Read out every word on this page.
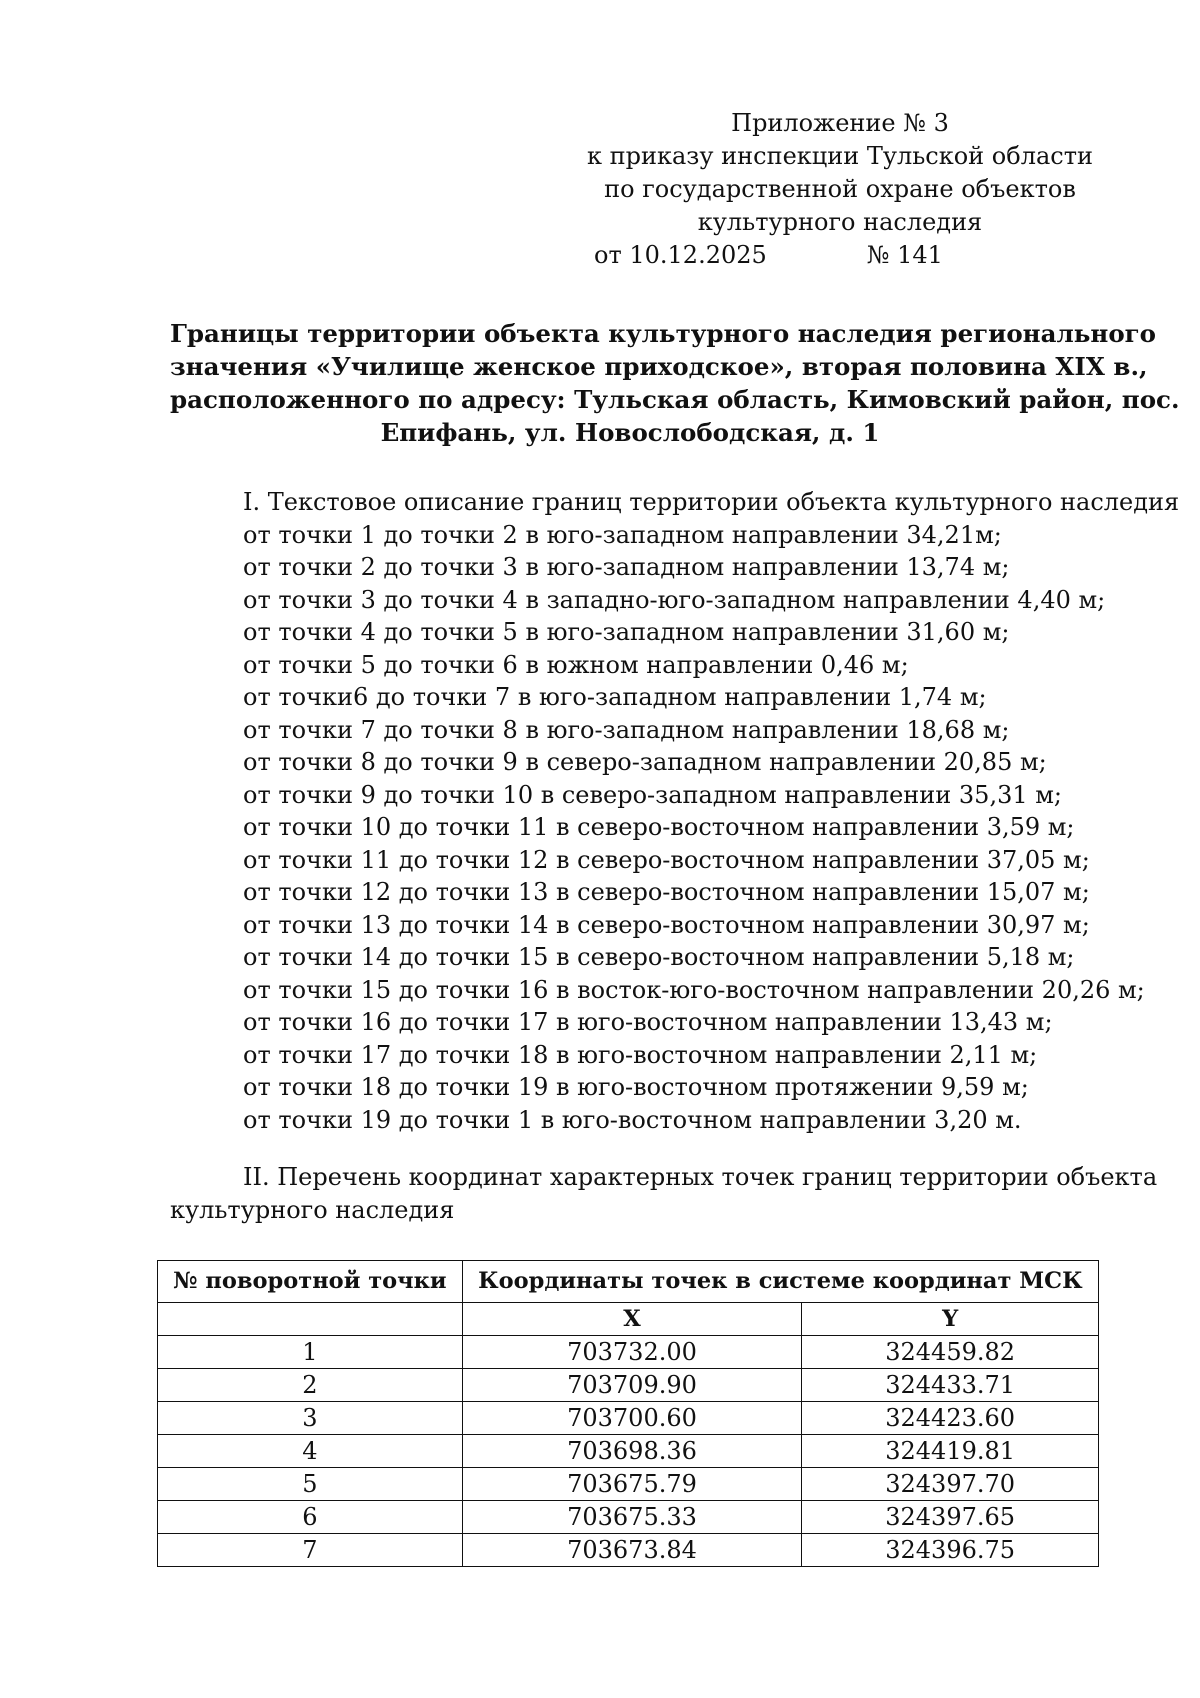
Приложение № 3
к приказу инспекции Тульской области
по государственной охране объектов
культурного наследия
от 10.12.2025	№ 141
Границы территории объекта культурного наследия регионального
значения «Училище женское приходское», вторая половина XIX в.,
расположенного по адресу: Тульская область, Кимовский район, пос.
Епифань, ул. Новослободская, д. 1
I. Текстовое описание границ территории объекта культурного наследия
от точки 1 до точки 2 в юго-западном направлении 34,21м;
от точки 2 до точки 3 в юго-западном направлении 13,74 м;
от точки 3 до точки 4 в западно-юго-западном направлении 4,40 м;
от точки 4 до точки 5 в юго-западном направлении 31,60 м;
от точки 5 до точки 6 в южном направлении 0,46 м;
от точки6 до точки 7 в юго-западном направлении 1,74 м;
от точки 7 до точки 8 в юго-западном направлении 18,68 м;
от точки 8 до точки 9 в северо-западном направлении 20,85 м;
от точки 9 до точки 10 в северо-западном направлении 35,31 м;
от точки 10 до точки 11 в северо-восточном направлении 3,59 м;
от точки 11 до точки 12 в северо-восточном направлении 37,05 м;
от точки 12 до точки 13 в северо-восточном направлении 15,07 м;
от точки 13 до точки 14 в северо-восточном направлении 30,97 м;
от точки 14 до точки 15 в северо-восточном направлении 5,18 м;
от точки 15 до точки 16 в восток-юго-восточном направлении 20,26 м;
от точки 16 до точки 17 в юго-восточном направлении 13,43 м;
от точки 17 до точки 18 в юго-восточном направлении 2,11 м;
от точки 18 до точки 19 в юго-восточном протяжении 9,59 м;
от точки 19 до точки 1 в юго-восточном направлении 3,20 м.
II. Перечень координат характерных точек границ территории объекта
культурного наследия
№ поворотной точки	Координаты точек в системе координат МСК	
	X	Y
1	703732.00	324459.82
2	703709.90	324433.71
3	703700.60	324423.60
4	703698.36	324419.81
5	703675.79	324397.70
6	703675.33	324397.65
7	703673.84	324396.75
